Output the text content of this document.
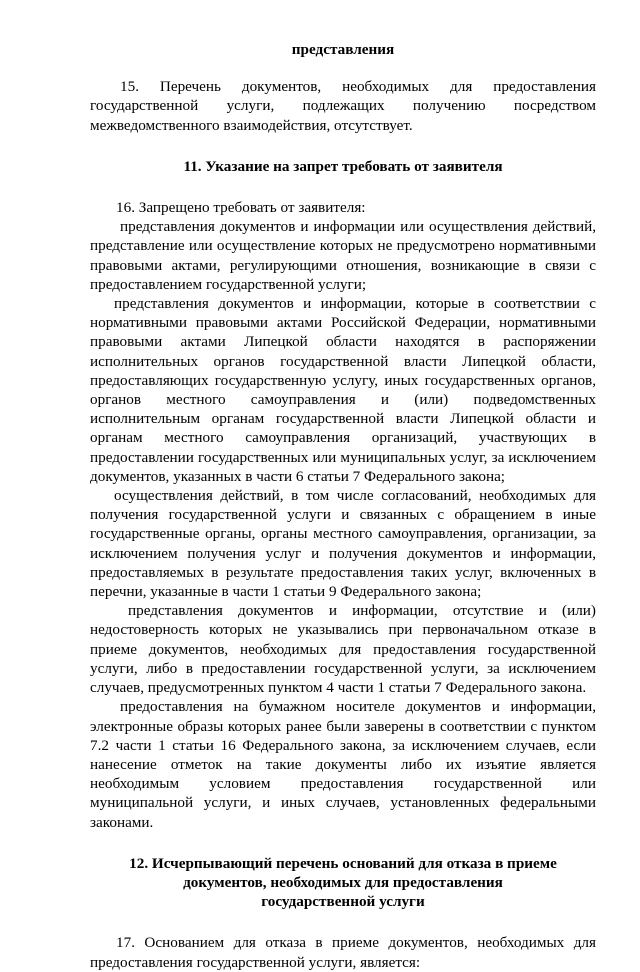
представления

15. Перечень документов, необходимых для предоставления государственной услуги, подлежащих получению посредством межведомственного взаимодействия, отсутствует.

11. Указание на запрет требовать от заявителя

16. Запрещено требовать от заявителя:

представления документов и информации или осуществления действий, представление или осуществление которых не предусмотрено нормативными правовыми актами, регулирующими отношения, возникающие в связи с предоставлением государственной услуги;

представления документов и информации, которые в соответствии с нормативными правовыми актами Российской Федерации, нормативными правовыми актами Липецкой области находятся в распоряжении исполнительных органов государственной власти Липецкой области, предоставляющих государственную услугу, иных государственных органов, органов местного самоуправления и (или) подведомственных исполнительным органам государственной власти Липецкой области и органам местного самоуправления организаций, участвующих в предоставлении государственных или муниципальных услуг, за исключением документов, указанных в части 6 статьи 7 Федерального закона;

осуществления действий, в том числе согласований, необходимых для получения государственной услуги и связанных с обращением в иные государственные органы, органы местного самоуправления, организации, за исключением получения услуг и получения документов и информации, предоставляемых в результате предоставления таких услуг, включенных в перечни, указанные в части 1 статьи 9 Федерального закона;

представления документов и информации, отсутствие и (или) недостоверность которых не указывались при первоначальном отказе в приеме документов, необходимых для предоставления государственной услуги, либо в предоставлении государственной услуги, за исключением случаев, предусмотренных пунктом 4 части 1 статьи 7 Федерального закона.

предоставления на бумажном носителе документов и информации, электронные образы которых ранее были заверены в соответствии с пунктом 7.2 части 1 статьи 16 Федерального закона, за исключением случаев, если нанесение отметок на такие документы либо их изъятие является необходимым условием предоставления государственной или муниципальной услуги, и иных случаев, установленных федеральными законами.

12. Исчерпывающий перечень оснований для отказа в приеме

документов, необходимых для предоставления

государственной услуги

17. Основанием для отказа в приеме документов, необходимых для предоставления государственной услуги, является:
